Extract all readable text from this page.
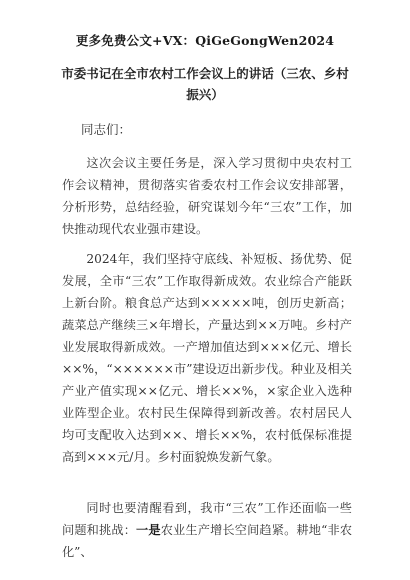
更多免费公文+VX：QiGeGongWen2024
市委书记在全市农村工作会议上的讲话（三农、乡村振兴）
同志们：

这次会议主要任务是，深入学习贯彻中央农村工作会议精神，贯彻落实省委农村工作会议安排部署，分析形势，总结经验，研究谋划今年“三农”工作，加快推动现代农业强市建设。

2024年，我们坚持守底线、补短板、扬优势、促发展，全市“三农”工作取得新成效。农业综合产能跃上新台阶。粮食总产达到×××××吨，创历史新高；蔬菜总产继续三×年增长，产量达到××万吨。乡村产业发展取得新成效。一产增加值达到×××亿元、增长××%，“××××××市”建设迈出新步伐。种业及相关产业产值实现××亿元、增长××%，×家企业入选种业阵型企业。农村民生保障得到新改善。农村居民人均可支配收入达到××、增长××%，农村低保标准提高到×××元/月。乡村面貌焕发新气象。

同时也要清醒看到，我市“三农”工作还面临一些问题和挑战：一是农业生产增长空间趋紧。耕地“非农化”、
